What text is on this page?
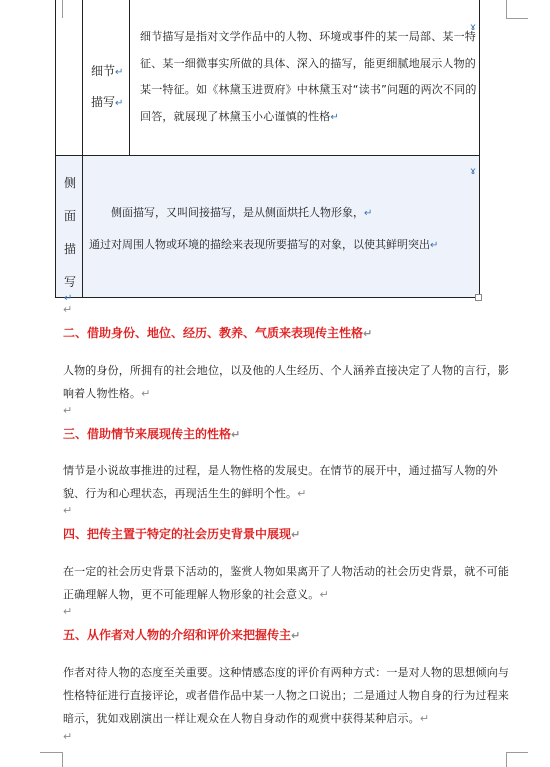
细节↵
描写↵
细节描写是指对文学作品中的人物、环境或事件的某一局部、某一特征、某一细微事实所做的具体、深入的描写，能更细腻地展示人物的某一特征。如《林黛玉进贾府》中林黛玉对“读书”问题的两次不同的回答，就展现了林黛玉小心谨慎的性格↵
ɤ
侧
面
描
写↵
侧面描写，又叫间接描写，是从侧面烘托人物形象，↵
通过对周围人物或环境的描绘来表现所要描写的对象，以使其鲜明突出↵
ɤ
↵
二、借助身份、地位、经历、教养、气质来表现传主性格↵
人物的身份，所拥有的社会地位，以及他的人生经历、个人涵养直接决定了人物的言行，影响着人物性格。↵
↵
三、借助情节来展现传主的性格↵
情节是小说故事推进的过程，是人物性格的发展史。在情节的展开中，通过描写人物的外貌、行为和心理状态，再现活生生的鲜明个性。↵
↵
四、把传主置于特定的社会历史背景中展现↵
在一定的社会历史背景下活动的，鉴赏人物如果离开了人物活动的社会历史背景，就不可能正确理解人物，更不可能理解人物形象的社会意义。↵
↵
五、从作者对人物的介绍和评价来把握传主↵
作者对待人物的态度至关重要。这种情感态度的评价有两种方式：一是对人物的思想倾向与性格特征进行直接评论，或者借作品中某一人物之口说出；二是通过人物自身的行为过程来暗示，犹如戏剧演出一样让观众在人物自身动作的观赏中获得某种启示。↵
↵
